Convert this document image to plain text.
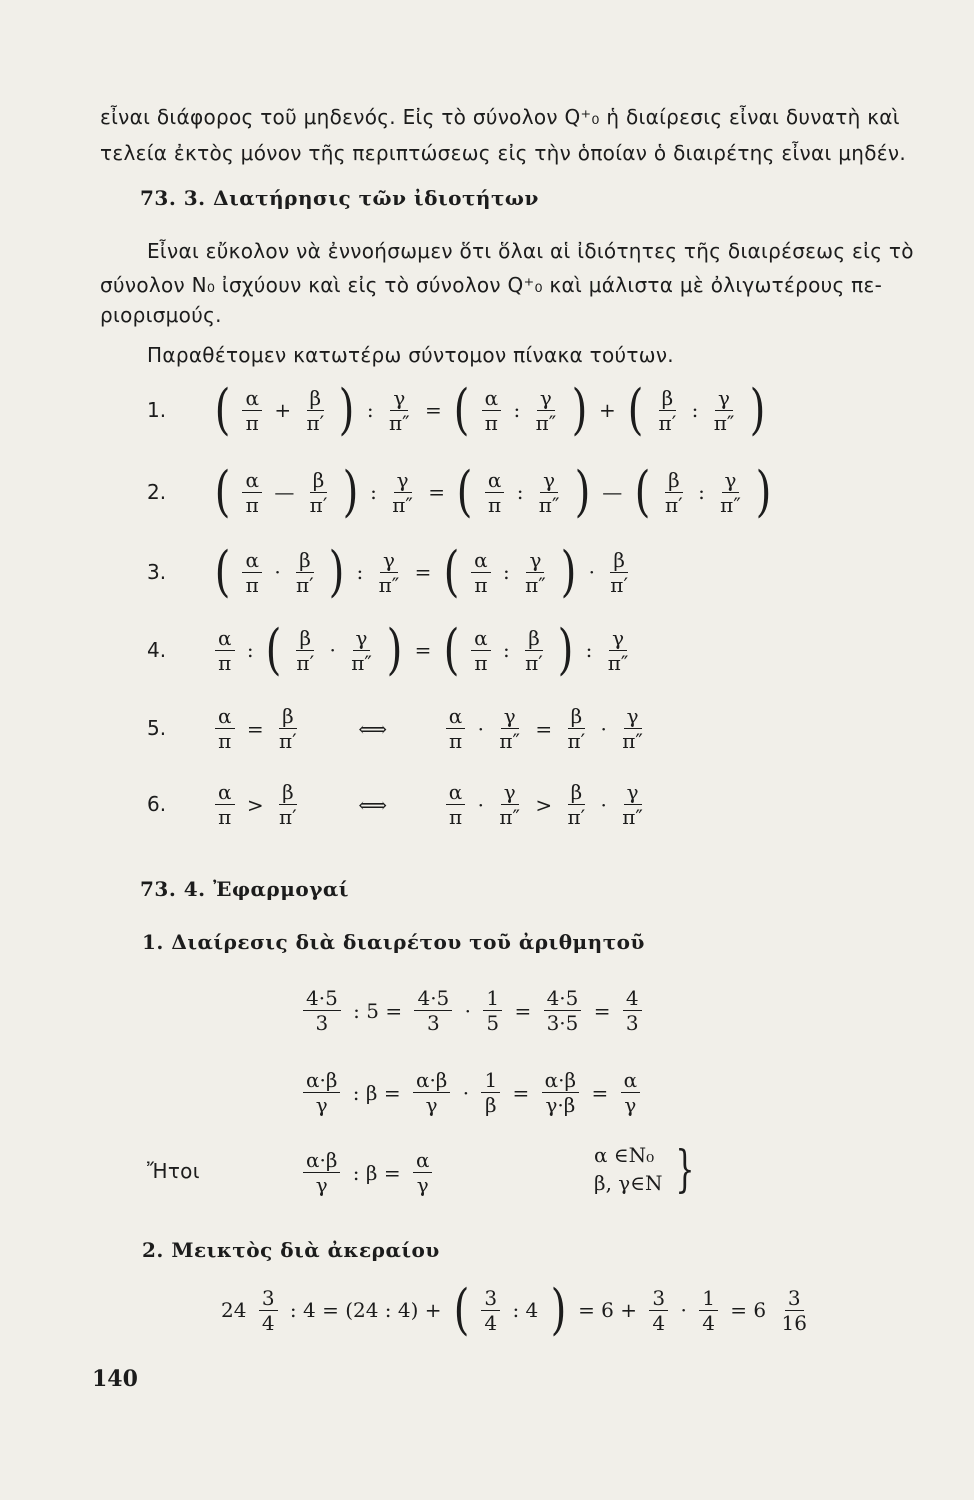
εἶναι διάφορος τοῦ μηδενός. Εἰς τὸ σύνολον Q⁺₀ ἡ διαίρεσις εἶναι δυνατὴ καὶ
τελεία ἐκτὸς μόνον τῆς περιπτώσεως εἰς τὴν ὁποίαν ὁ διαιρέτης εἶναι μηδέν.
73. 3. Διατήρησις τῶν ἰδιοτήτων
Εἶναι εὔκολον νὰ ἐννοήσωμεν ὅτι ὅλαι αἱ ἰδιότητες τῆς διαιρέσεως εἰς τὸ
σύνολον N₀ ἰσχύουν καὶ εἰς τὸ σύνολον Q⁺₀ καὶ μάλιστα μὲ ὀλιγωτέρους πε-
ριορισμούς.
Παραθέτομεν κατωτέρω σύντομον πίνακα τούτων.
1. ( $\frac{\alpha}{\pi} + \frac{\beta}{\pi'}$ ) : $\frac{\gamma}{\pi''}$ = ( $\frac{\alpha}{\pi}$ : $\frac{\gamma}{\pi''}$ ) + ( $\frac{\beta}{\pi'}$ : $\frac{\gamma}{\pi''}$ )
2. ( $\frac{\alpha}{\pi}$ — $\frac{\beta}{\pi'}$ ) : $\frac{\gamma}{\pi''}$ = ( $\frac{\alpha}{\pi}$ : $\frac{\gamma}{\pi''}$ ) — ( $\frac{\beta}{\pi'}$ : $\frac{\gamma}{\pi''}$ )
3. ( $\frac{\alpha}{\pi} \cdot \frac{\beta}{\pi'}$ ) : $\frac{\gamma}{\pi''}$ = ( $\frac{\alpha}{\pi}$ : $\frac{\gamma}{\pi''}$ ) · $\frac{\beta}{\pi'}$
4. $\frac{\alpha}{\pi}$ : ( $\frac{\beta}{\pi'} \cdot \frac{\gamma}{\pi''}$ ) = ( $\frac{\alpha}{\pi}$ : $\frac{\beta}{\pi'}$ ) : $\frac{\gamma}{\pi''}$
5. $\frac{\alpha}{\pi} = \frac{\beta}{\pi'}$	⟺	$\frac{\alpha}{\pi} \cdot \frac{\gamma}{\pi''} = \frac{\beta}{\pi'} \cdot \frac{\gamma}{\pi''}$
6. $\frac{\alpha}{\pi} > \frac{\beta}{\pi'}$	⟺	$\frac{\alpha}{\pi} \cdot \frac{\gamma}{\pi''} > \frac{\beta}{\pi'} \cdot \frac{\gamma}{\pi''}$
73. 4. Ἐφαρμογαί
1. Διαίρεσις διὰ διαιρέτου τοῦ ἀριθμητοῦ
$\frac{4\cdot 5}{3}$ : $5 = \frac{4\cdot 5}{3} \cdot \frac{1}{5} = \frac{4\cdot 5}{3\cdot 5} = \frac{4}{3}$
$\frac{\alpha\cdot\beta}{\gamma}$ : $\beta = \frac{\alpha\cdot\beta}{\gamma} \cdot \frac{1}{\beta} = \frac{\alpha\cdot\beta}{\gamma\cdot\beta} = \frac{\alpha}{\gamma}$
Ἤτοι	$\frac{\alpha\cdot\beta}{\gamma}$ : $\beta = \frac{\alpha}{\gamma}$	α ∈N₀
β, γ∈N }
2. Μεικτὸς διὰ ἀκεραίου
$24 \frac{3}{4}$ : 4 = (24 : 4) + ( $\frac{3}{4}$ : 4 ) = $6 + \frac{3}{4} \cdot \frac{1}{4} = 6 \frac{3}{16}$
140
